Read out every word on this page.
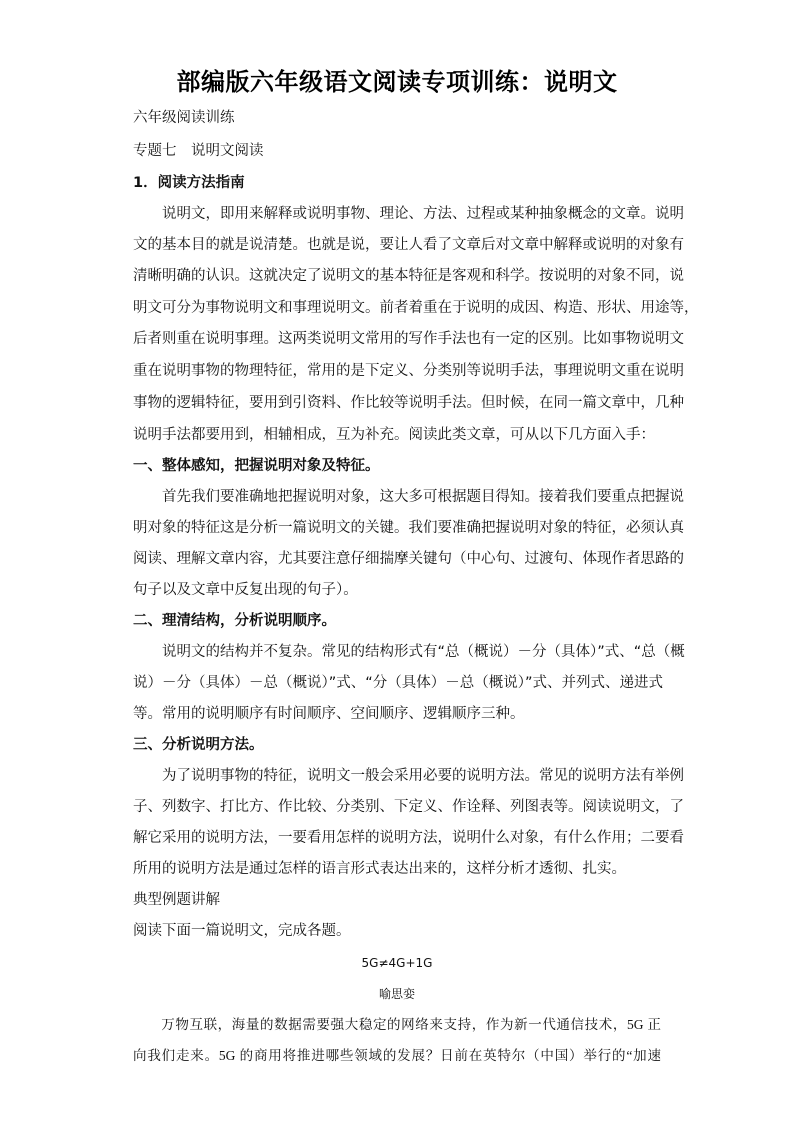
部编版六年级语文阅读专项训练：说明文
六年级阅读训练
专题七　说明文阅读
1．阅读方法指南
　　说明文，即用来解释或说明事物、理论、方法、过程或某种抽象概念的文章。说明
文的基本目的就是说清楚。也就是说，要让人看了文章后对文章中解释或说明的对象有
清晰明确的认识。这就决定了说明文的基本特征是客观和科学。按说明的对象不同，说
明文可分为事物说明文和事理说明文。前者着重在于说明的成因、构造、形状、用途等，
后者则重在说明事理。这两类说明文常用的写作手法也有一定的区别。比如事物说明文
重在说明事物的物理特征，常用的是下定义、分类别等说明手法，事理说明文重在说明
事物的逻辑特征，要用到引资料、作比较等说明手法。但时候，在同一篇文章中，几种
说明手法都要用到，相辅相成，互为补充。阅读此类文章，可从以下几方面入手：
一、整体感知，把握说明对象及特征。
　　首先我们要准确地把握说明对象，这大多可根据题目得知。接着我们要重点把握说
明对象的特征这是分析一篇说明文的关键。我们要准确把握说明对象的特征，必须认真
阅读、理解文章内容，尤其要注意仔细揣摩关键句（中心句、过渡句、体现作者思路的
句子以及文章中反复出现的句子）。
二、理清结构，分析说明顺序。
　　说明文的结构并不复杂。常见的结构形式有“总（概说）－分（具体）”式、“总（概
说）－分（具体）－总（概说）”式、“分（具体）－总（概说）”式、并列式、递进式
等。常用的说明顺序有时间顺序、空间顺序、逻辑顺序三种。
三、分析说明方法。
　　为了说明事物的特征，说明文一般会采用必要的说明方法。常见的说明方法有举例
子、列数字、打比方、作比较、分类别、下定义、作诠释、列图表等。阅读说明文，了
解它采用的说明方法，一要看用怎样的说明方法，说明什么对象，有什么作用；二要看
所用的说明方法是通过怎样的语言形式表达出来的，这样分析才透彻、扎实。
典型例题讲解
阅读下面一篇说明文，完成各题。
5G≠4G+1G
喻思娈
　　万物互联，海量的数据需要强大稳定的网络来支持，作为新一代通信技术，5G 正
向我们走来。5G 的商用将推进哪些领域的发展？日前在英特尔（中国）举行的“加速
